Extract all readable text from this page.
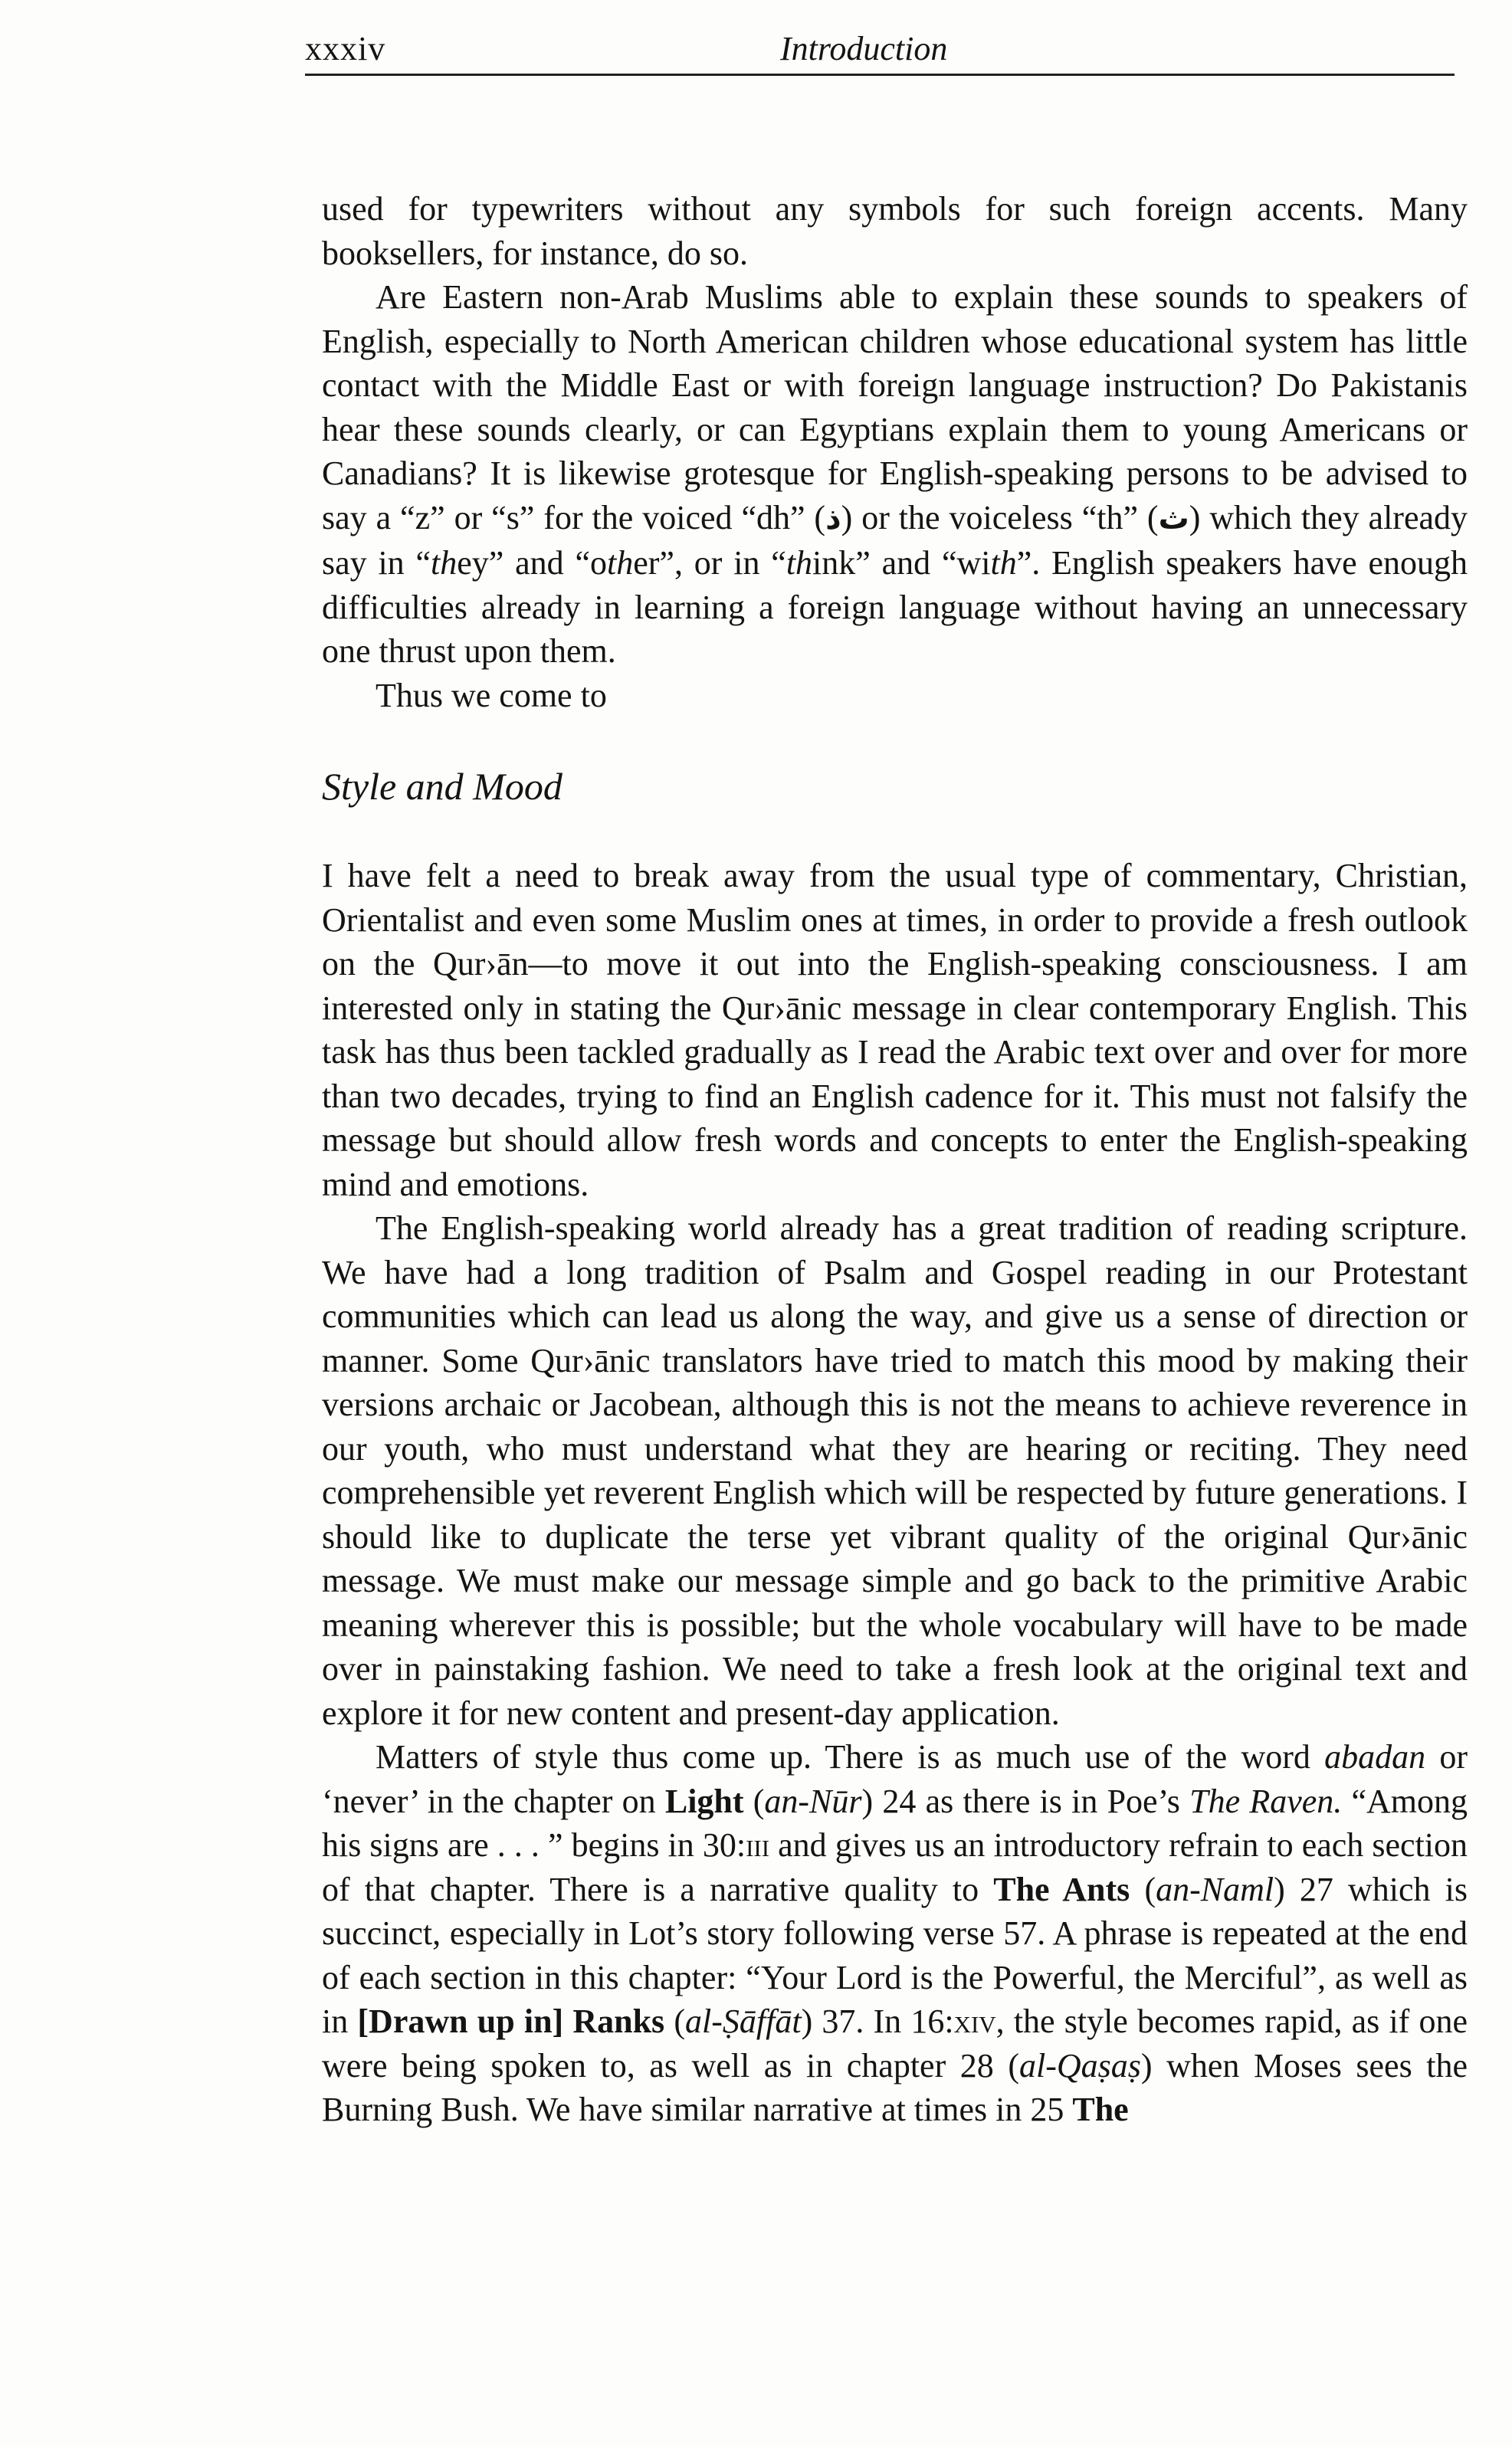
xxxiv	Introduction

used for typewriters without any symbols for such foreign accents. Many booksellers, for instance, do so.

Are Eastern non-Arab Muslims able to explain these sounds to speakers of English, especially to North American children whose educational system has little contact with the Middle East or with foreign language instruction? Do Pakistanis hear these sounds clearly, or can Egyptians explain them to young Americans or Canadians? It is likewise grotesque for English-speaking persons to be advised to say a “z” or “s” for the voiced “dh” (ذ) or the voiceless “th” (ث) which they already say in “they” and “other”, or in “think” and “with”. English speakers have enough difficulties already in learning a foreign language without having an unnecessary one thrust upon them.

Thus we come to

Style and Mood

I have felt a need to break away from the usual type of commentary, Christian, Orientalist and even some Muslim ones at times, in order to provide a fresh outlook on the Qur›ān—to move it out into the English-speaking consciousness. I am interested only in stating the Qur›ānic message in clear contemporary English. This task has thus been tackled gradually as I read the Arabic text over and over for more than two decades, trying to find an English cadence for it. This must not falsify the message but should allow fresh words and concepts to enter the English-speaking mind and emotions.

The English-speaking world already has a great tradition of reading scripture. We have had a long tradition of Psalm and Gospel reading in our Protestant communities which can lead us along the way, and give us a sense of direction or manner. Some Qur›ānic translators have tried to match this mood by making their versions archaic or Jacobean, although this is not the means to achieve reverence in our youth, who must understand what they are hearing or reciting. They need comprehensible yet reverent English which will be respected by future generations. I should like to duplicate the terse yet vibrant quality of the original Qur›ānic message. We must make our message simple and go back to the primitive Arabic meaning wherever this is possible; but the whole vocabulary will have to be made over in painstaking fashion. We need to take a fresh look at the original text and explore it for new content and present-day application.

Matters of style thus come up. There is as much use of the word abadan or ‘never’ in the chapter on Light (an-Nūr) 24 as there is in Poe’s The Raven. “Among his signs are . . . ” begins in 30:iii and gives us an introductory refrain to each section of that chapter. There is a narrative quality to The Ants (an-Naml) 27 which is succinct, especially in Lot’s story following verse 57. A phrase is repeated at the end of each section in this chapter: “Your Lord is the Powerful, the Merciful”, as well as in [Drawn up in] Ranks (al-Ṣāffāt) 37. In 16:xiv, the style becomes rapid, as if one were being spoken to, as well as in chapter 28 (al-Qaṣaṣ) when Moses sees the Burning Bush. We have similar narrative at times in 25 The
